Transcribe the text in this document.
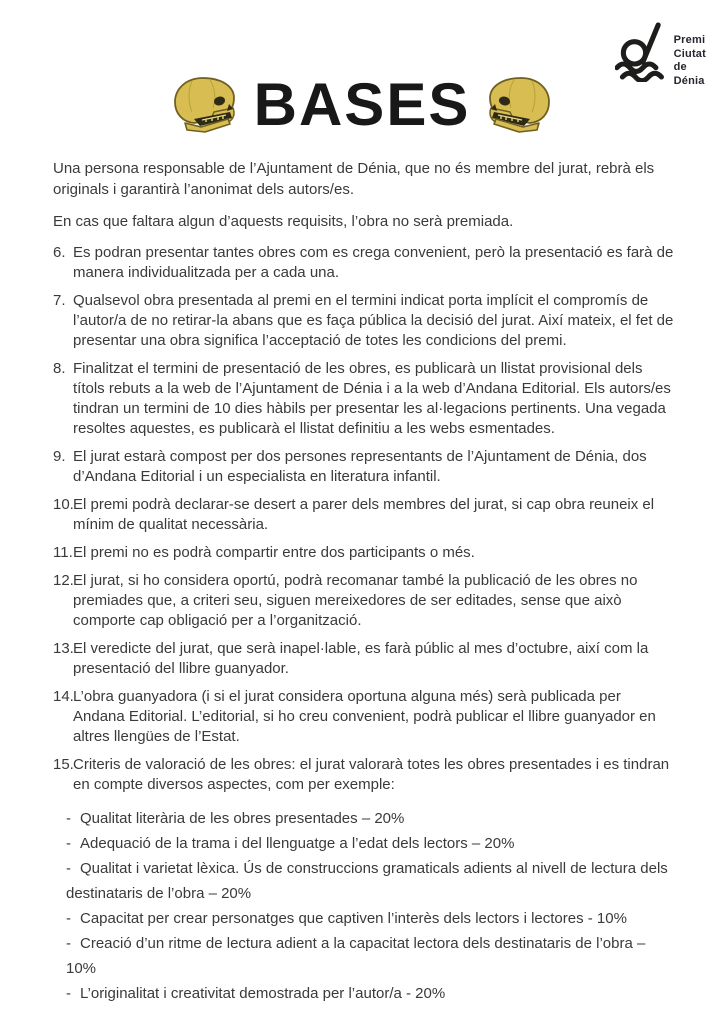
Premi
Ciutat
de
Dénia
BASES

Una persona responsable de l’Ajuntament de Dénia, que no és membre del jurat, rebrà els originals i garantirà l’anonimat dels autors/es.

En cas que faltara algun d’aquests requisits, l’obra no serà premiada.

6. Es podran presentar tantes obres com es crega convenient, però la presentació es farà de manera individualitzada per a cada una.
7. Qualsevol obra presentada al premi en el termini indicat porta implícit el compromís de l’autor/a de no retirar-la abans que es faça pública la decisió del jurat. Així mateix, el fet de presentar una obra significa l’acceptació de totes les condicions del premi.
8. Finalitzat el termini de presentació de les obres, es publicarà un llistat provisional dels títols rebuts a la web de l’Ajuntament de Dénia i a la web d’Andana Editorial. Els autors/es tindran un termini de 10 dies hàbils per presentar les al·legacions pertinents. Una vegada resoltes aquestes, es publicarà el llistat definitiu a les webs esmentades.
9. El jurat estarà compost per dos persones representants de l’Ajuntament de Dénia, dos d’Andana Editorial i un especialista en literatura infantil.
10. El premi podrà declarar-se desert a parer dels membres del jurat, si cap obra reuneix el mínim de qualitat necessària.
11. El premi no es podrà compartir entre dos participants o més.
12. El jurat, si ho considera oportú, podrà recomanar també la publicació de les obres no premiades que, a criteri seu, siguen mereixedores de ser editades, sense que això comporte cap obligació per a l’organització.
13. El veredicte del jurat, que serà inapel·lable, es farà públic al mes d’octubre, així com la presentació del llibre guanyador.
14. L’obra guanyadora (i si el jurat considera oportuna alguna més) serà publicada per Andana Editorial. L’editorial, si ho creu convenient, podrà publicar el llibre guanyador en altres llengües de l’Estat.
15. Criteris de valoració de les obres: el jurat valorarà totes les obres presentades i es tindran en compte diversos aspectes, com per exemple:
- Qualitat literària de les obres presentades – 20%
- Adequació de la trama i del llenguatge a l’edat dels lectors – 20%
- Qualitat i varietat lèxica. Ús de construccions gramaticals adients al nivell de lectura dels destinataris de l’obra – 20%
- Capacitat per crear personatges que captiven l’interès dels lectors i lectores - 10%
- Creació d’un ritme de lectura adient a la capacitat lectora dels destinataris de l’obra – 10%
- L’originalitat i creativitat demostrada per l’autor/a - 20%
